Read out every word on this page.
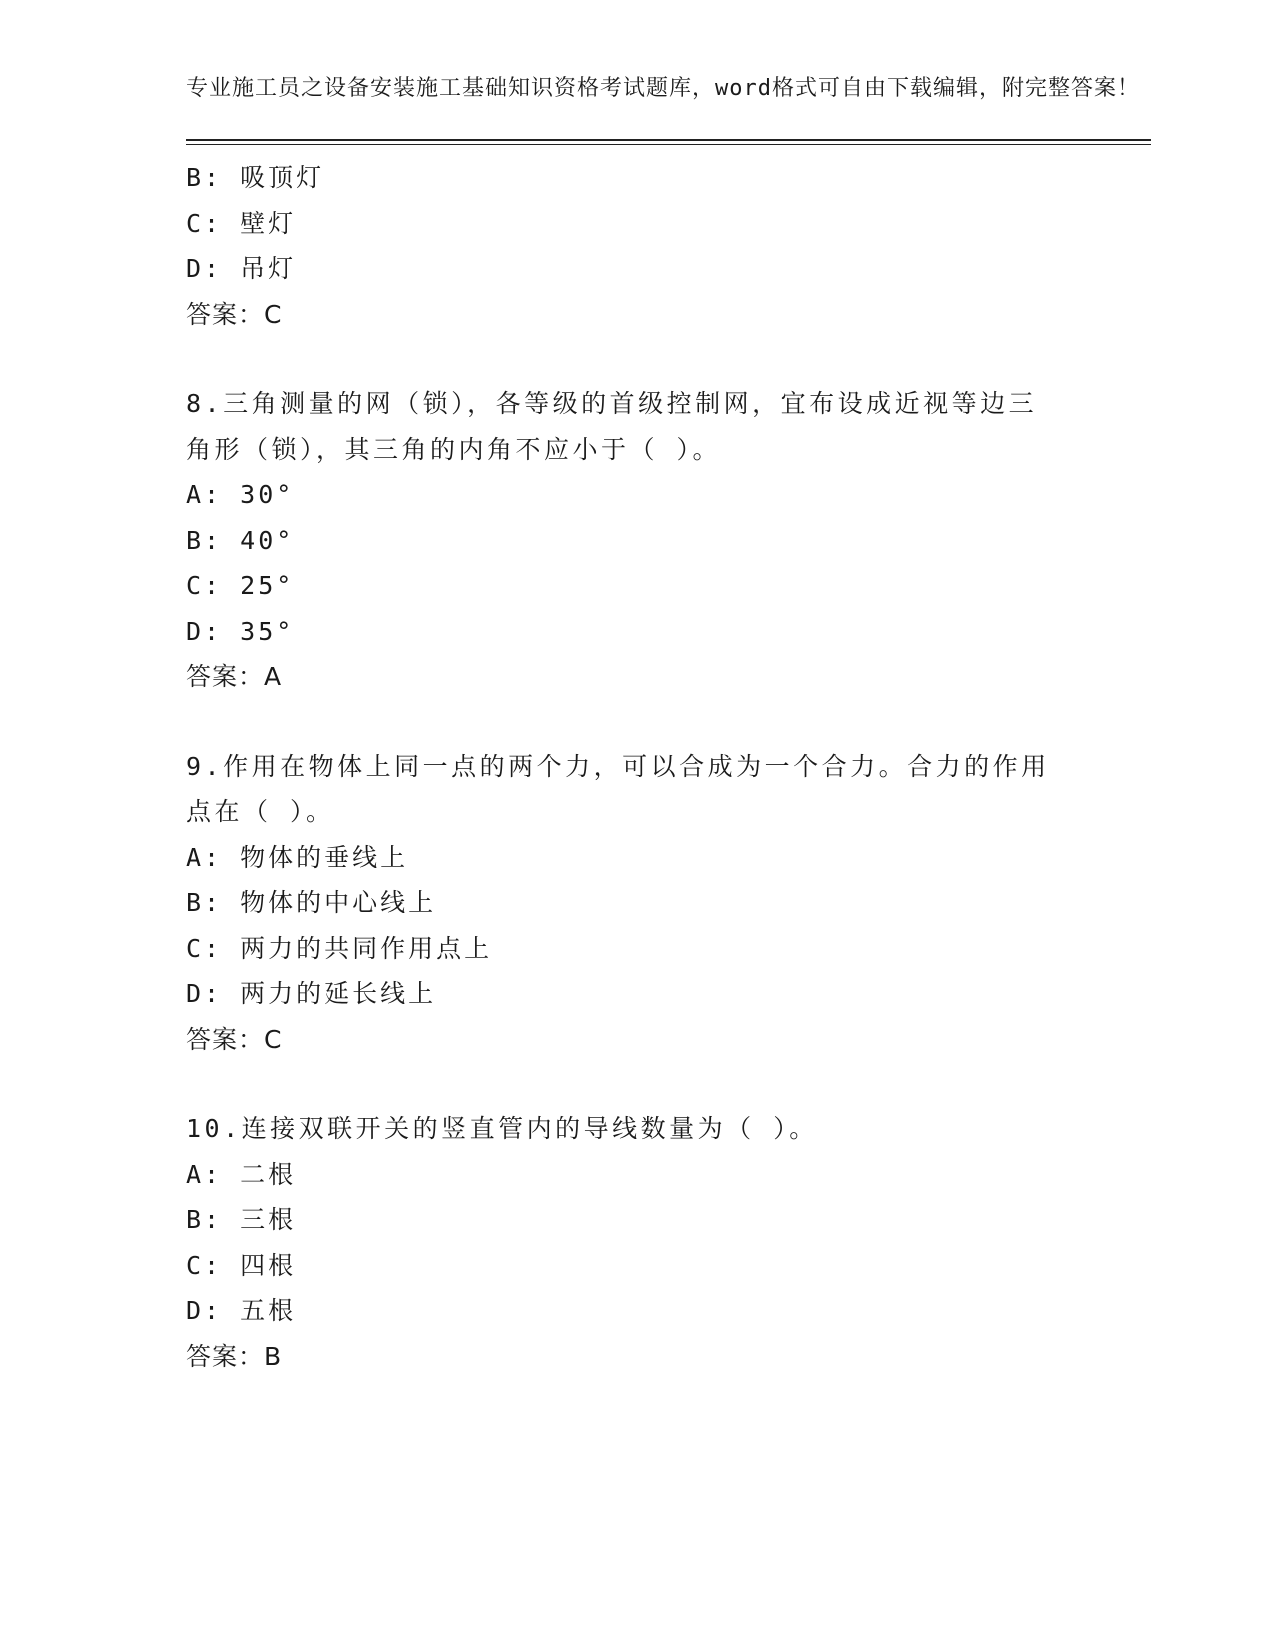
专业施工员之设备安装施工基础知识资格考试题库，word格式可自由下载编辑，附完整答案！

B: 吸顶灯
C: 壁灯
D: 吊灯
答案：C
8.三角测量的网（锁），各等级的首级控制网，宜布设成近视等边三
角形（锁），其三角的内角不应小于（ ）。
A: 30°
B: 40°
C: 25°
D: 35°
答案：A
9.作用在物体上同一点的两个力，可以合成为一个合力。合力的作用
点在（ ）。
A: 物体的垂线上
B: 物体的中心线上
C: 两力的共同作用点上
D: 两力的延长线上
答案：C
10.连接双联开关的竖直管内的导线数量为（ ）。
A: 二根
B: 三根
C: 四根
D: 五根
答案：B
